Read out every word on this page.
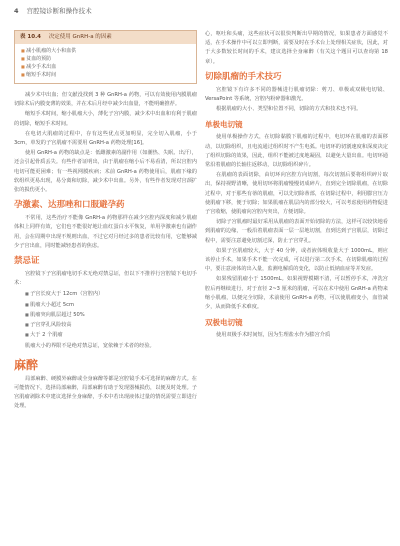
4 宫腔镜诊断和操作技术
表 10.4 决定使用 GnRH-a 的因素
■ 减小肌瘤的大小和血供
■ 贫血的预防
■ 减少手术出血
■ 缩短手术时间

减少术中出血；但文献没找到 3 种 GnRH-a 药物，可以有效使用内膜肌瘤切除术后内膜变薄的效果，并在术后月经中减少出血量，不能明确推荐。

缩短手术时间，缩小肌瘤大小，薄化子宫内膜，减少术中出血和有利于肌瘤的切除，缩短手术时间。

在电切大肌瘤的过程中，存有这些优点更加明显，完全切入肌瘤，小于 3cm，单发的子宫肌瘤不需要用 GnRH-a 药物处理[16]。

使用 GnRH-a 药物的缺点是：低雌激素的副作用（如潮热、失眠、出汗），还会引起骨质丢失。有些作者证明出，由于肌瘤在缩小后不易看清，所以宫腔内电切可能更困难；有一些视网膜疾病；术前 GnRH-a 药物使用后，肌瘤下缘的软组织更易出现，易分离和切除，减少术中出血。另外，有些作者发现对宫颈扩张的损伤更小。

孕激素、达那唑和口服避孕药

不常用，这些治疗不能像 GnRH-a 药物那样在减少宫腔内深度和减少肌瘤体积上同样有效，它们也不能很好地让血红蛋白水平恢复，单用孕激素也有副作用，会在周期中出现不规则出血，不过它对月经过多的患者比较有用，它能够减少子宫出血，同时能减轻患者的焦虑。

禁忌证

宫腔镜下子宫肌瘤电切手术无绝对禁忌证，但以下不推荐行宫腔镜下电切手术：

■ 子宫长度大于 12cm（宫腔内）
■ 肌瘤大小超过 5cm
■ 肌瘤突向肌层超过 50%
■ 子宫穿孔风险较高
■ 大于 2 个肌瘤

肌瘤大小的界限不是绝对禁忌证，宽依赖于术者的经验。

麻醉

局部麻醉、硬膜外麻醉或全身麻醉等都是宫腔镜手术可选择的麻醉方式。在可能情况下，选择局部麻醉，局部麻醉有助于发现器械损伤，以便及时处理。子宫肌瘤剥除术中建议选择全身麻醉，手术中若出现液体过量的情况需要立即进行处理。

心，呕吐和头痛，这些症状可以很快判断出早期的情况，如果患者方面感觉不适，在手术操作中可以立即判断，需要及时在手术台上处理相关症状，因此，对于大多数较长时间的手术，建议选择全身麻醉（有关这个题目可以查询第 18 章）。

切除肌瘤的手术技巧

宫腔镜下有许多不同的器械进行肌瘤切除：剪刀、单极或双极电切镜、VersaPoint 等系统，宫腔内粉碎器和激光。

根据肌瘤的大小、类型和位置不同，切除的方式和技术也不同。

单极电切镜

使用单极操作方式，在切除黏膜下肌瘤的过程中，电切环在肌瘤的表面移动，以切除组织，且电流通过组织时不产生电弧。电切环的切割速度和深度决定了组织切除的效果，因此，组织不能被过度地凝固，以避免大量出血。电切环通常沿着肌瘤的长轴往返移动，以切除组织碎片。

在肌瘤的表面切除，由切环向宫腔方向切割，每次切割后要将组织碎片取出，保持视野清晰，使用切环将肌瘤慢慢切成碎片，直到完全切除肌瘤，在切除过程中，对于那些有蒂的肌瘤，可以先切除蒂部，在切除过程中，利用膨宫压力使肌瘤下移，便于切除；如果肌瘤在肌层内的部分较大，可以考虑使用药物促进子宫收缩，使肌瘤向宫腔内突出，方便切除。

切除子宫肌瘤时最好采用从肌瘤的表面开始切除的方法，这样可以较快地看到肌瘤的边缘，一般沿着肌瘤表面一层一层地切割，直到达到子宫肌层，切除过程中，需要注意避免切割过深，防止子宫穿孔。

如果子宫肌瘤较大，大于 40 分钟，或者液体吸收量大于 1000mL，则应该停止手术，如果手术不能一次完成，可以进行第二次手术，在切除肌瘤的过程中，要注意液体的出入量，监测电解质的变化，以防止低钠血症等并发症。

如果残留肌瘤小于 1500mL。如果视野模糊不清，可以暂停手术，冲洗宫腔后再继续进行，对于直径 2~3 厘米的肌瘤，可以在术中使用 GnRH-a 药物来缩小肌瘤，以便完全切除，术前使用 GnRH-a 药物，可以使肌瘤变小，血管减少，从而降低手术难度。

双极电切镜

使用双极手术时间短，因为生理盐水作为膨宫介质
